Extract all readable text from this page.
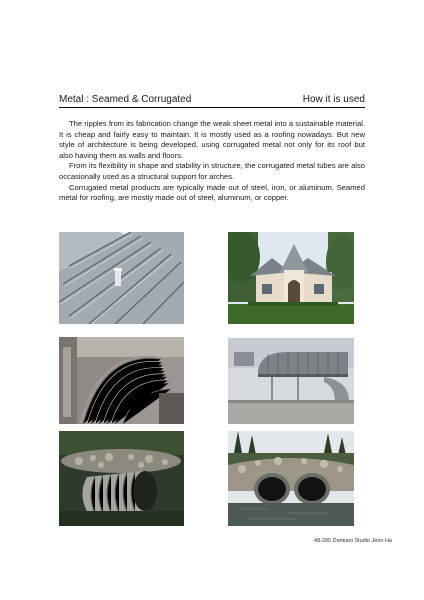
Metal : Seamed & Corrugated	How it is used

The ripples from its fabrication change the weak sheet metal into a sustainable material. It is cheap and fairly easy to maintain. It is mostly used as a roofing nowadays. But new style of architecture is being developed, using corrugated metal not only for its roof but also having them as walls and floors.

From its flexibility in shape and stability in structure, the corrugated metal tubes are also occasionally used as a structural support for arches.

Corrugated metal products are typically made out of steel, iron, or aluminum. Seamed metal for roofing, are mostly made out of steel, aluminum, or copper.

48-205 Damiani Studio Jeon Ha
